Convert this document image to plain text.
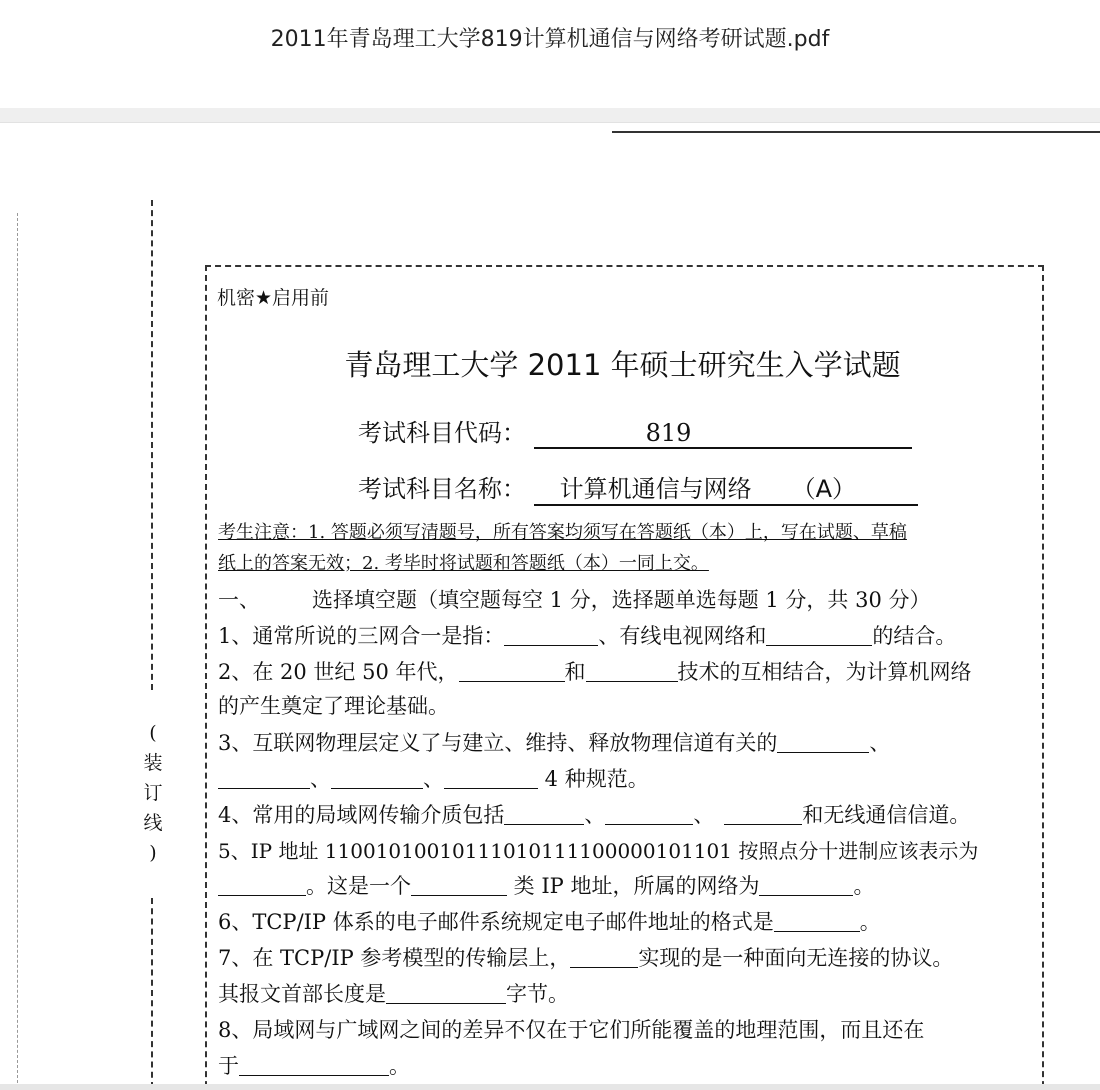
2011年青岛理工大学819计算机通信与网络考研试题.pdf
(
装
订
线
)
机密★启用前
青岛理工大学 2011 年硕士研究生入学试题
考试科目代码：	819
考试科目名称： 计算机通信与网络 （A）
考生注意：1. 答题必须写清题号，所有答案均须写在答题纸（本）上，写在试题、草稿
纸上的答案无效；2. 考毕时将试题和答题纸（本）一同上交。
一、 选择填空题（填空题每空 1 分，选择题单选每题 1 分，共 30 分）
1、通常所说的三网合一是指：	、有线电视网络和	的结合。
2、在 20 世纪 50 年代，	和	技术的互相结合，为计算机网络
的产生奠定了理论基础。
3、互联网物理层定义了与建立、维持、释放物理信道有关的	、
、	、	4 种规范。
4、常用的局域网传输介质包括	、	、	和无线通信信道。
5、IP 地址 11001010010111010111100000101101 按照点分十进制应该表示为
。这是一个	类 IP 地址，所属的网络为	。
6、TCP/IP 体系的电子邮件系统规定电子邮件地址的格式是	。
7、在 TCP/IP 参考模型的传输层上，	实现的是一种面向无连接的协议。
其报文首部长度是	字节。
8、局域网与广域网之间的差异不仅在于它们所能覆盖的地理范围，而且还在
于	。
